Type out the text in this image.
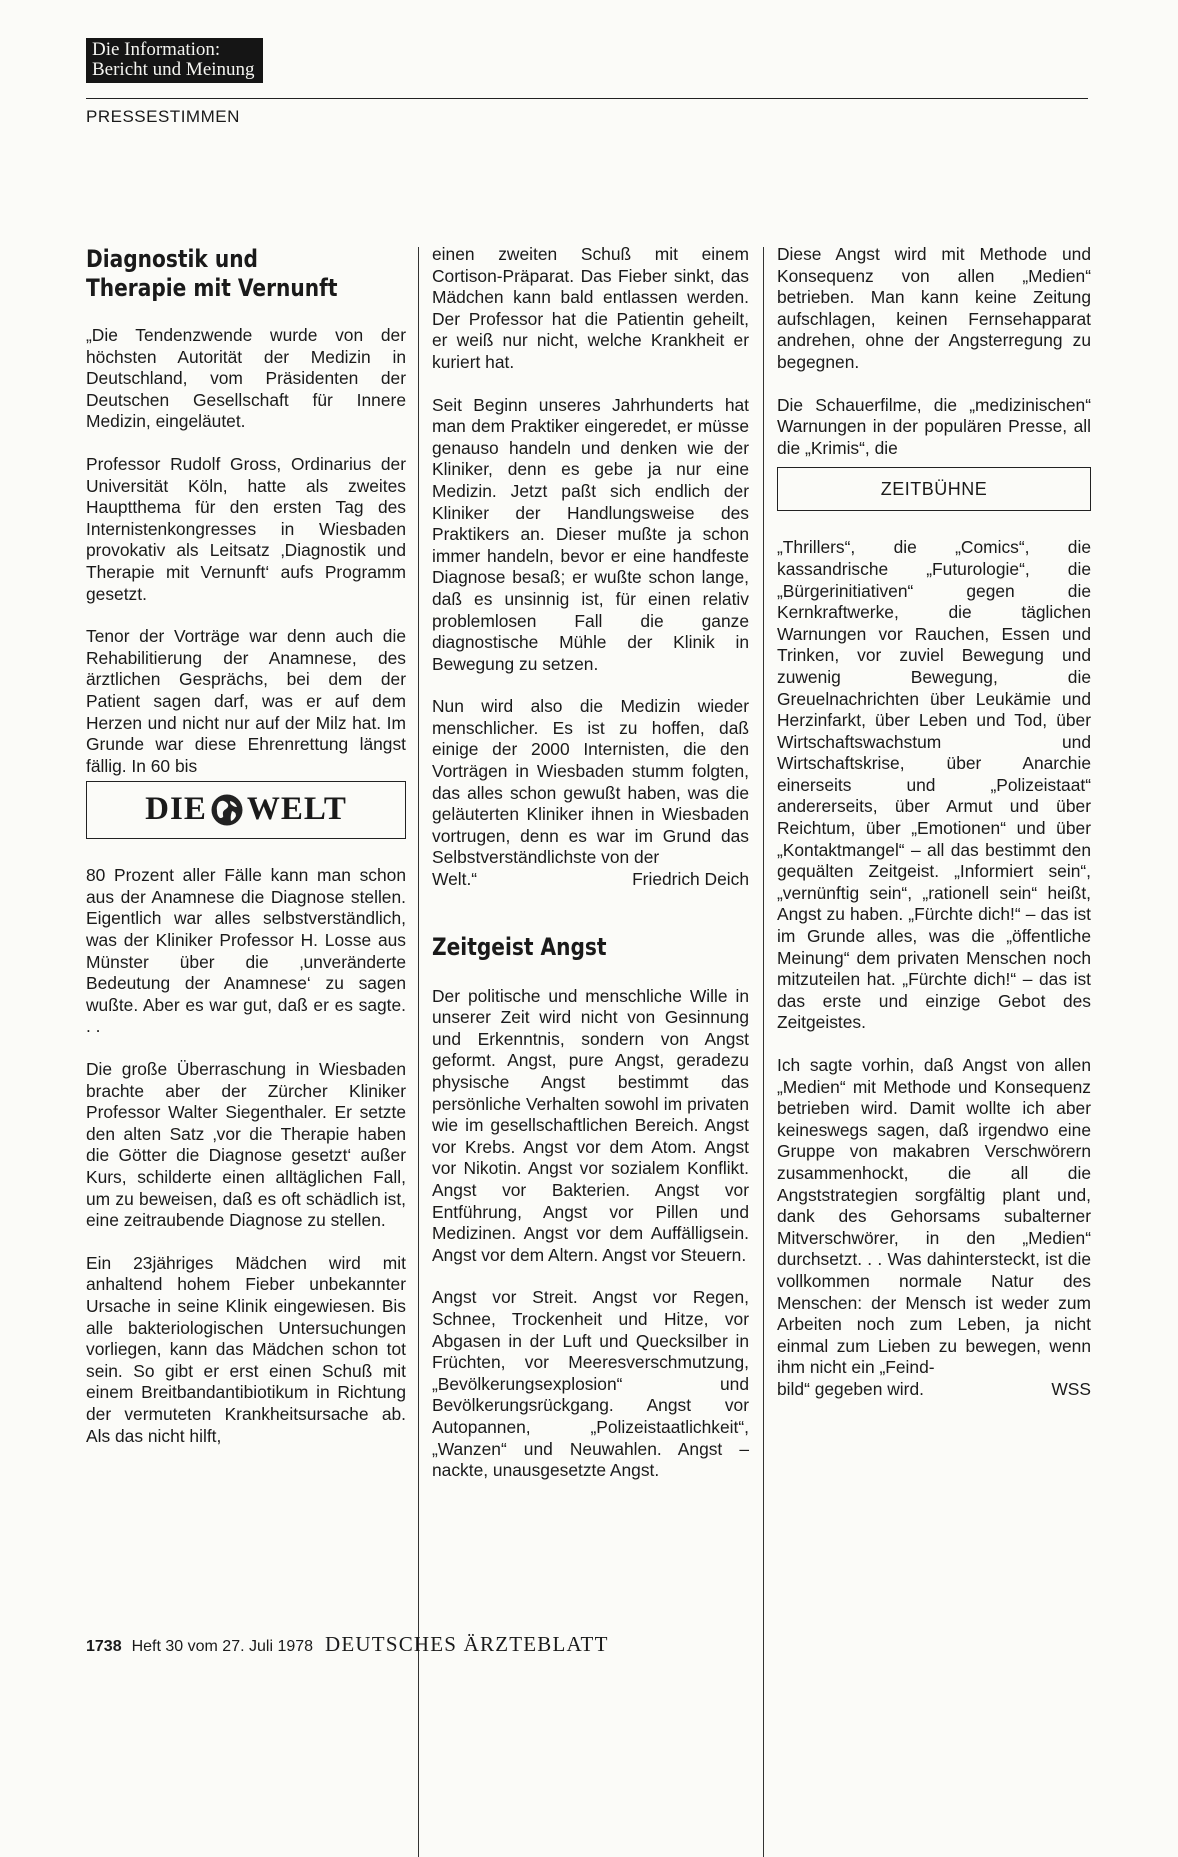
Die Information:
Bericht und Meinung
PRESSESTIMMEN
Diagnostik und
Therapie mit Vernunft

„Die Tendenzwende wurde von der höchsten Autorität der Medizin in Deutschland, vom Präsidenten der Deutschen Gesellschaft für Innere Medizin, eingeläutet.

Professor Rudolf Gross, Ordinarius der Universität Köln, hatte als zweites Hauptthema für den ersten Tag des Internistenkongresses in Wiesbaden provokativ als Leitsatz ‚Diagnostik und Therapie mit Vernunft‘ aufs Programm gesetzt.

Tenor der Vorträge war denn auch die Rehabilitierung der Anamnese, des ärztlichen Gesprächs, bei dem der Patient sagen darf, was er auf dem Herzen und nicht nur auf der Milz hat. Im Grunde war diese Ehrenrettung längst fällig. In 60 bis

DIE WELT

80 Prozent aller Fälle kann man schon aus der Anamnese die Diagnose stellen. Eigentlich war alles selbstverständlich, was der Kliniker Professor H. Losse aus Münster über die ‚unveränderte Bedeutung der Anamnese‘ zu sagen wußte. Aber es war gut, daß er es sagte. . .

Die große Überraschung in Wiesbaden brachte aber der Zürcher Kliniker Professor Walter Siegenthaler. Er setzte den alten Satz ‚vor die Therapie haben die Götter die Diagnose gesetzt‘ außer Kurs, schilderte einen alltäglichen Fall, um zu beweisen, daß es oft schädlich ist, eine zeitraubende Diagnose zu stellen.

Ein 23jähriges Mädchen wird mit anhaltend hohem Fieber unbekannter Ursache in seine Klinik eingewiesen. Bis alle bakteriologischen Untersuchungen vorliegen, kann das Mädchen schon tot sein. So gibt er erst einen Schuß mit einem Breitbandantibiotikum in Richtung der vermuteten Krankheitsursache ab. Als das nicht hilft,

einen zweiten Schuß mit einem Cortison-Präparat. Das Fieber sinkt, das Mädchen kann bald entlassen werden. Der Professor hat die Patientin geheilt, er weiß nur nicht, welche Krankheit er kuriert hat.

Seit Beginn unseres Jahrhunderts hat man dem Praktiker eingeredet, er müsse genauso handeln und denken wie der Kliniker, denn es gebe ja nur eine Medizin. Jetzt paßt sich endlich der Kliniker der Handlungsweise des Praktikers an. Dieser mußte ja schon immer handeln, bevor er eine handfeste Diagnose besaß; er wußte schon lange, daß es unsinnig ist, für einen relativ problemlosen Fall die ganze diagnostische Mühle der Klinik in Bewegung zu setzen.

Nun wird also die Medizin wieder menschlicher. Es ist zu hoffen, daß einige der 2000 Internisten, die den Vorträgen in Wiesbaden stumm folgten, das alles schon gewußt haben, was die geläuterten Kliniker ihnen in Wiesbaden vortrugen, denn es war im Grund das Selbstverständlichste von der

Welt.“	Friedrich Deich
Zeitgeist Angst

Der politische und menschliche Wille in unserer Zeit wird nicht von Gesinnung und Erkenntnis, sondern von Angst geformt. Angst, pure Angst, geradezu physische Angst bestimmt das persönliche Verhalten sowohl im privaten wie im gesellschaftlichen Bereich. Angst vor Krebs. Angst vor dem Atom. Angst vor Nikotin. Angst vor sozialem Konflikt. Angst vor Bakterien. Angst vor Entführung, Angst vor Pillen und Medizinen. Angst vor dem Auffälligsein. Angst vor dem Altern. Angst vor Steuern.

Angst vor Streit. Angst vor Regen, Schnee, Trockenheit und Hitze, vor Abgasen in der Luft und Quecksilber in Früchten, vor Meeresverschmutzung, „Bevölkerungsexplosion“ und Bevölkerungsrückgang. Angst vor Autopannen, „Polizeistaatlichkeit“, „Wanzen“ und Neuwahlen. Angst – nackte, unausgesetzte Angst.

Diese Angst wird mit Methode und Konsequenz von allen „Medien“ betrieben. Man kann keine Zeitung aufschlagen, keinen Fernsehapparat andrehen, ohne der Angsterregung zu begegnen.

Die Schauerfilme, die „medizinischen“ Warnungen in der populären Presse, all die „Krimis“, die

ZEITBÜHNE

„Thrillers“, die „Comics“, die kassandrische „Futurologie“, die „Bürgerinitiativen“ gegen die Kernkraftwerke, die täglichen Warnungen vor Rauchen, Essen und Trinken, vor zuviel Bewegung und zuwenig Bewegung, die Greuelnachrichten über Leukämie und Herzinfarkt, über Leben und Tod, über Wirtschaftswachstum und Wirtschaftskrise, über Anarchie einerseits und „Polizeistaat“ andererseits, über Armut und über Reichtum, über „Emotionen“ und über „Kontaktmangel“ – all das bestimmt den gequälten Zeitgeist. „Informiert sein“, „vernünftig sein“, „rationell sein“ heißt, Angst zu haben. „Fürchte dich!“ – das ist im Grunde alles, was die „öffentliche Meinung“ dem privaten Menschen noch mitzuteilen hat. „Fürchte dich!“ – das ist das erste und einzige Gebot des Zeitgeistes.

Ich sagte vorhin, daß Angst von allen „Medien“ mit Methode und Konsequenz betrieben wird. Damit wollte ich aber keineswegs sagen, daß irgendwo eine Gruppe von makabren Verschwörern zusammenhockt, die all die Angststrategien sorgfältig plant und, dank des Gehorsams subalterner Mitverschwörer, in den „Medien“ durchsetzt. . . Was dahintersteckt, ist die vollkommen normale Natur des Menschen: der Mensch ist weder zum Arbeiten noch zum Leben, ja nicht einmal zum Lieben zu bewegen, wenn ihm nicht ein „Feind-

bild“ gegeben wird.	WSS
1738 Heft 30 vom 27. Juli 1978 DEUTSCHES ÄRZTEBLATT
